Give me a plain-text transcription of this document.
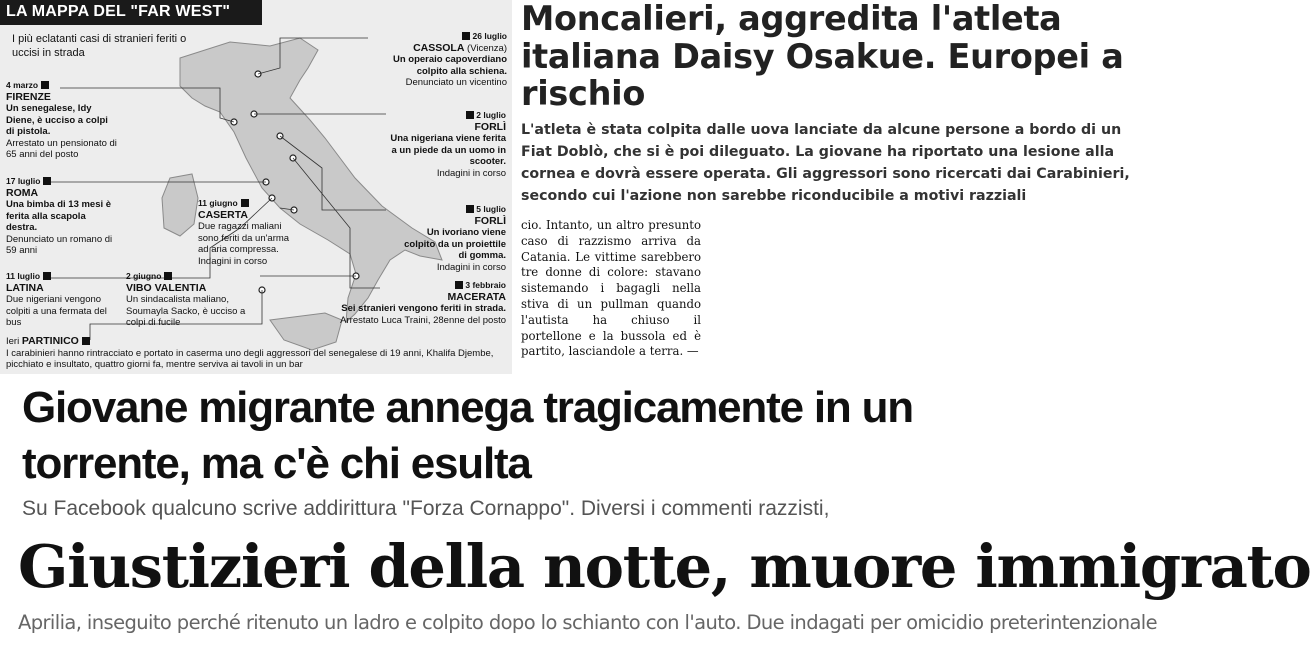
LA MAPPA DEL "FAR WEST"
I più eclatanti casi di stranieri feriti o uccisi in strada
26 luglio
CASSOLA (Vicenza)
Un operaio capoverdiano colpito alla schiena.
Denunciato un vicentino
4 marzo
FIRENZE
Un senegalese, Idy Diene, è ucciso a colpi di pistola.
Arrestato un pensionato di 65 anni del posto
2 luglio
FORLÌ
Una nigeriana viene ferita a un piede da un uomo in scooter.
Indagini in corso
17 luglio
ROMA
Una bimba di 13 mesi è ferita alla scapola destra.
Denunciato un romano di 59 anni
11 giugno
CASERTA
Due ragazzi maliani sono feriti da un'arma ad aria compressa.
Indagini in corso
5 luglio
FORLÌ
Un ivoriano viene colpito da un proiettile di gomma.
Indagini in corso
11 luglio
LATINA
Due nigeriani vengono colpiti a una fermata del bus
2 giugno
VIBO VALENTIA
Un sindacalista maliano, Soumayla Sacko, è ucciso a colpi di fucile
3 febbraio
MACERATA
Sei stranieri vengono feriti in strada.
Arrestato Luca Traini, 28enne del posto
Ieri PARTINICO
I carabinieri hanno rintracciato e portato in caserma uno degli aggressori del senegalese di 19 anni, Khalifa Djembe, picchiato e insultato, quattro giorni fa, mentre serviva ai tavoli in un bar
Moncalieri, aggredita l'atleta italiana Daisy Osakue. Europei a rischio
L'atleta è stata colpita dalle uova lanciate da alcune persone a bordo di un Fiat Doblò, che si è poi dileguato. La giovane ha riportato una lesione alla cornea e dovrà essere operata. Gli aggressori sono ricercati dai Carabinieri, secondo cui l'azione non sarebbe riconducibile a motivi razziali
cio. Intanto, un altro presunto caso di razzismo arriva da Catania. Le vittime sarebbero tre donne di colore: stavano sistemando i bagagli nella stiva di un pullman quando l'autista ha chiuso il portellone e la bussola ed è partito, lasciandole a terra. —
Giovane migrante annega tragicamente in un torrente, ma c'è chi esulta
Su Facebook qualcuno scrive addirittura "Forza Cornappo". Diversi i commenti razzisti,
Giustizieri della notte, muore immigrato
Aprilia, inseguito perché ritenuto un ladro e colpito dopo lo schianto con l'auto. Due indagati per omicidio preterintenzionale
